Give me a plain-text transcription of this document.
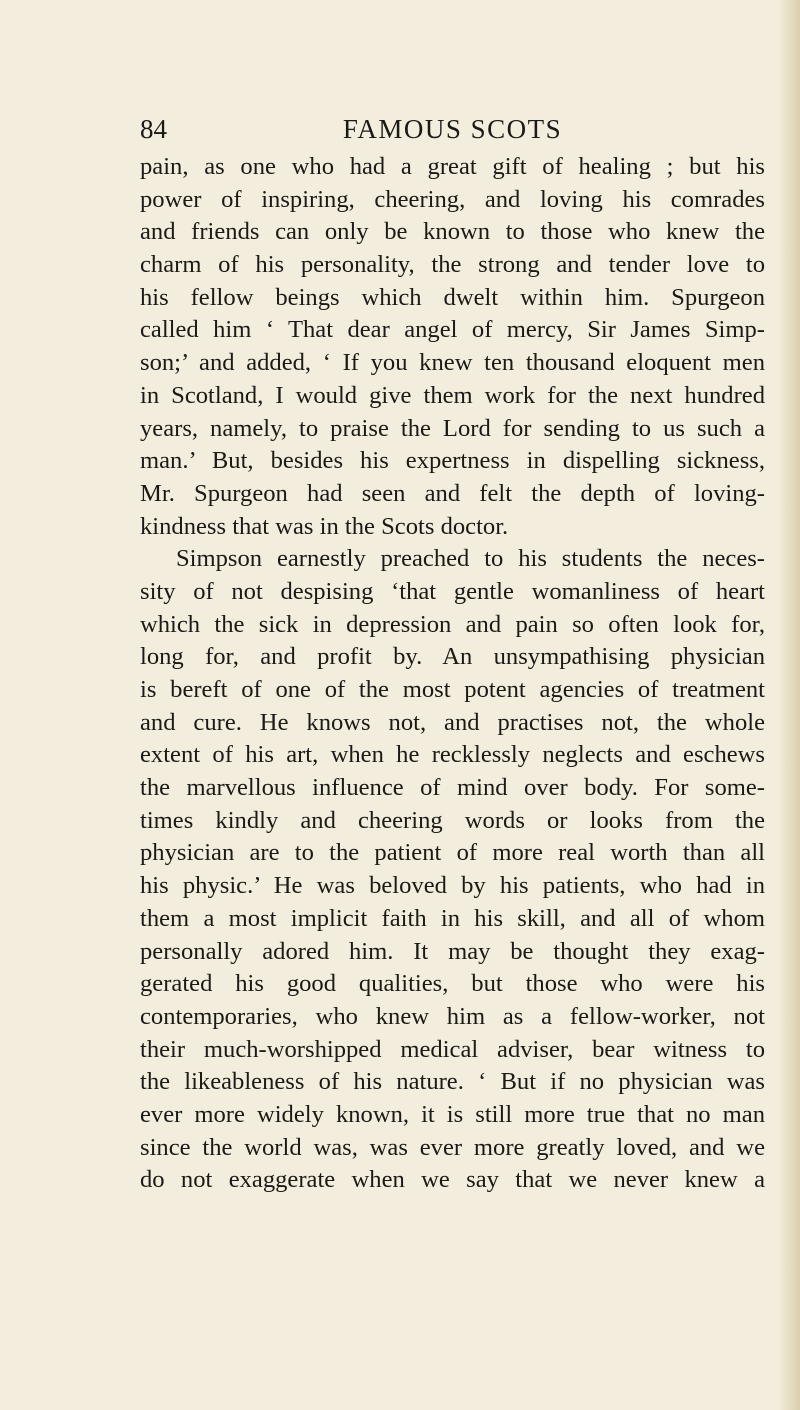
84	FAMOUS SCOTS
pain, as one who had a great gift of healing ; but his
power of inspiring, cheering, and loving his comrades
and friends can only be known to those who knew the
charm of his personality, the strong and tender love to
his fellow beings which dwelt within him. Spurgeon
called him ‘ That dear angel of mercy, Sir James Simp-
son;’ and added, ‘ If you knew ten thousand eloquent men
in Scotland, I would give them work for the next hundred
years, namely, to praise the Lord for sending to us such a
man.’ But, besides his expertness in dispelling sickness,
Mr. Spurgeon had seen and felt the depth of loving-
kindness that was in the Scots doctor.
Simpson earnestly preached to his students the neces-
sity of not despising ‘that gentle womanliness of heart
which the sick in depression and pain so often look for,
long for, and profit by. An unsympathising physician
is bereft of one of the most potent agencies of treatment
and cure. He knows not, and practises not, the whole
extent of his art, when he recklessly neglects and eschews
the marvellous influence of mind over body. For some-
times kindly and cheering words or looks from the
physician are to the patient of more real worth than all
his physic.’ He was beloved by his patients, who had in
them a most implicit faith in his skill, and all of whom
personally adored him. It may be thought they exag-
gerated his good qualities, but those who were his
contemporaries, who knew him as a fellow-worker, not
their much-worshipped medical adviser, bear witness to
the likeableness of his nature. ‘ But if no physician was
ever more widely known, it is still more true that no man
since the world was, was ever more greatly loved, and we
do not exaggerate when we say that we never knew a
